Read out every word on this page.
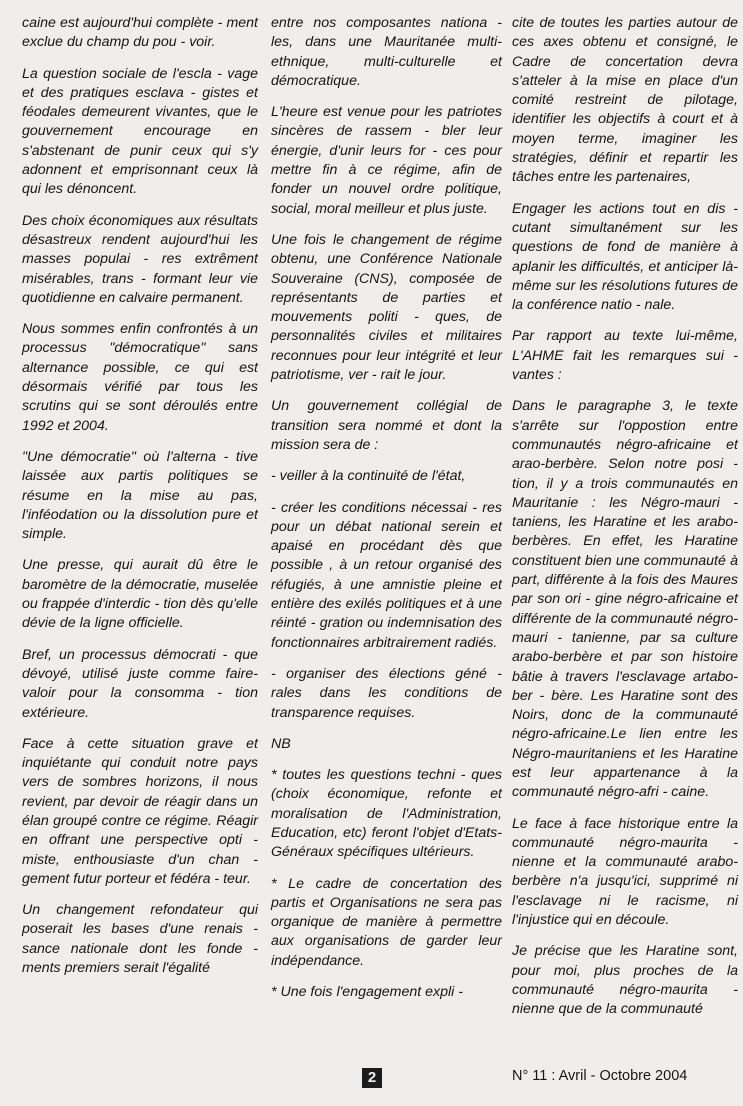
caine est aujourd'hui complète - ment exclue du champ du pou - voir.

La question sociale de l'escla - vage et des pratiques esclava - gistes et féodales demeurent vivantes, que le gouvernement encourage en s'abstenant de punir ceux qui s'y adonnent et emprisonnant ceux là qui les dénoncent.

Des choix économiques aux résultats désastreux rendent aujourd'hui les masses populai - res extrêment misérables, trans - formant leur vie quotidienne en calvaire permanent.

Nous sommes enfin confrontés à un processus "démocratique" sans alternance possible, ce qui est désormais vérifié par tous les scrutins qui se sont déroulés entre 1992 et 2004.

"Une démocratie" où l'alterna - tive laissée aux partis politiques se résume en la mise au pas, l'inféodation ou la dissolution pure et simple.

Une presse, qui aurait dû être le baromètre de la démocratie, muselée ou frappée d'interdic - tion dès qu'elle dévie de la ligne officielle.

Bref, un processus démocrati - que dévoyé, utilisé juste comme faire-valoir pour la consomma - tion extérieure.

Face à cette situation grave et inquiétante qui conduit notre pays vers de sombres horizons, il nous revient, par devoir de réagir dans un élan groupé contre ce régime. Réagir en offrant une perspective opti - miste, enthousiaste d'un chan - gement futur porteur et fédéra - teur.

Un changement refondateur qui poserait les bases d'une renais - sance nationale dont les fonde - ments premiers serait l'égalité

entre nos composantes nationa - les, dans une Mauritanée multi-ethnique, multi-culturelle et démocratique.

L'heure est venue pour les patriotes sincères de rassem - bler leur énergie, d'unir leurs for - ces pour mettre fin à ce régime, afin de fonder un nouvel ordre politique, social, moral meilleur et plus juste.

Une fois le changement de régime obtenu, une Conférence Nationale Souveraine (CNS), composée de représentants de parties et mouvements politi - ques, de personnalités civiles et militaires reconnues pour leur intégrité et leur patriotisme, ver - rait le jour.

Un gouvernement collégial de transition sera nommé et dont la mission sera de :

- veiller à la continuité de l'état,

- créer les conditions nécessai - res pour un débat national serein et apaisé en procédant dès que possible , à un retour organisé des réfugiés, à une amnistie pleine et entière des exilés politiques et à une réinté - gration ou indemnisation des fonctionnaires arbitrairement radiés.

- organiser des élections géné - rales dans les conditions de transparence requises.

NB

* toutes les questions techni - ques (choix économique, refonte et moralisation de l'Administration, Education, etc) feront l'objet d'Etats-Généraux spécifiques ultérieurs.

* Le cadre de concertation des partis et Organisations ne sera pas organique de manière à permettre aux organisations de garder leur indépendance.

* Une fois l'engagement expli -

cite de toutes les parties autour de ces axes obtenu et consigné, le Cadre de concertation devra s'atteler à la mise en place d'un comité restreint de pilotage, identifier les objectifs à court et à moyen terme, imaginer les stratégies, définir et repartir les tâches entre les partenaires,

Engager les actions tout en dis - cutant simultanément sur les questions de fond de manière à aplanir les difficultés, et anticiper là-même sur les résolutions futures de la conférence natio - nale.

Par rapport au texte lui-même, L'AHME fait les remarques sui - vantes :

Dans le paragraphe 3, le texte s'arrête sur l'oppostion entre communautés négro-africaine et arao-berbère. Selon notre posi - tion, il y a trois communautés en Mauritanie : les Négro-mauri - taniens, les Haratine et les arabo-berbères. En effet, les Haratine constituent bien une communauté à part, différente à la fois des Maures par son ori - gine négro-africaine et différente de la communauté négro-mauri - tanienne, par sa culture arabo-berbère et par son histoire bâtie à travers l'esclavage artabo-ber - bère. Les Haratine sont des Noirs, donc de la communauté négro-africaine.Le lien entre les Négro-mauritaniens et les Haratine est leur appartenance à la communauté négro-afri - caine.

Le face à face historique entre la communauté négro-maurita - nienne et la communauté arabo-berbère n'a jusqu'ici, supprimé ni l'esclavage ni le racisme, ni l'injustice qui en découle.

Je précise que les Haratine sont, pour moi, plus proches de la communauté négro-maurita - nienne que de la communauté

2	N° 11 : Avril - Octobre 2004
